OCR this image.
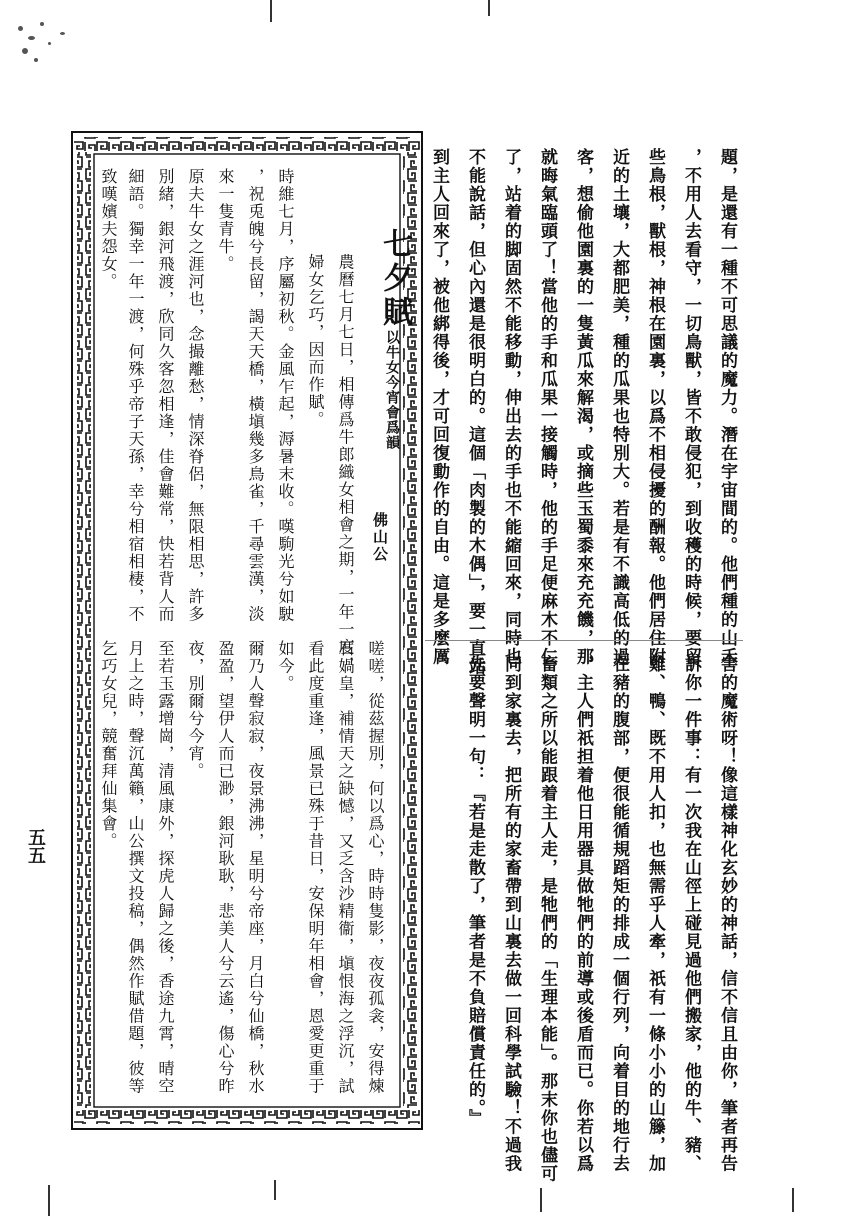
五五
題，是還有一種不可思議的魔力。潛在宇宙間的。他們種的山禾
，不用人去看守，一切鳥獸，皆不敢侵犯，到收穫的時候，要留
些鳥根，獸根，神根在園裏，以爲不相侵擾的酬報。他們居住附
近的土壤，大都肥美，種的瓜果也特別大。若是有不識高低的過
客，想偷他園裏的一隻黃瓜來解渴，或摘些玉蜀黍來充充饑，那
就晦氣臨頭了！當他的手和瓜果一接觸時，他的手足便麻木不仁
了，站着的脚固然不能移動，伸出去的手也不能縮回來，同時也
不能說話，但心內還是很明白的。這個「肉製的木偶」，要一直站
到主人回來了，被他綁得後，才可回復動作的自由。這是多麼厲
害的魔術呀！像這樣神化玄妙的神話，信不信且由你，筆者再告
訴你一件事：有一次我在山徑上碰見過他們搬家，他的牛、豬、
雞、鴨、既不用人扣，也無需乎人牽，祇有一條小小的山籐，加
在豬的腹部，便很能循規蹈矩的排成一個行列，向着目的地行去
，主人們祇担着他日用器具做牠們的前導或後盾而已。你若以爲
畜類之所以能跟着主人走，是牠們的「生理本能」。那末你也儘可
同到家裏去，把所有的家畜帶到山裏去做一回科學試驗！不過我
先要聲明一句：『若是走散了，筆者是不負賠償責任的。』
七夕賦
以牛女今宵會爲韻
佛山公
　農曆七月七日，相傳爲牛郎織女相會之期，一年一度，
　婦女乞巧，因而作賦。
時維七月，序屬初秋。金風乍起，溽暑末收。嘆駒光兮如駛
，祝兎魄兮長留，謁天天橋，橫塡幾多鳥雀，千尋雲漢，淡
來一隻青牛。
原夫牛女之涯河也，念撮離愁，情深脊侶，無限相思，許多
別緒，銀河飛渡，欣同久客忽相逢，佳會難常，快若背人而
細語。獨幸一年一渡，何殊乎帝子天孫，幸兮相宿相棲，不
致嘆嬪夫怨女。
嗟嗟，從茲握別，何以爲心，時時隻影，夜夜孤衾，安得煉
石媧皇，補情天之缺憾，又乏含沙精衞，塡恨海之浮沉，試
看此度重逢，風景已殊于昔日，安保明年相會，恩愛更重于
如今。
爾乃人聲寂寂，夜景沸沸，星明兮帝座，月白兮仙橋，秋水
盈盈，望伊人而已渺，銀河耿耿，悲美人兮云遙，傷心兮昨
夜，別爾兮今宵。
至若玉露增崗，清風康外，探虎人歸之後，香途九霄，晴空
月上之時，聲沉萬籟，山公撰文投稿，偶然作賦借題，彼等
乞巧女兒，競奮拜仙集會。
